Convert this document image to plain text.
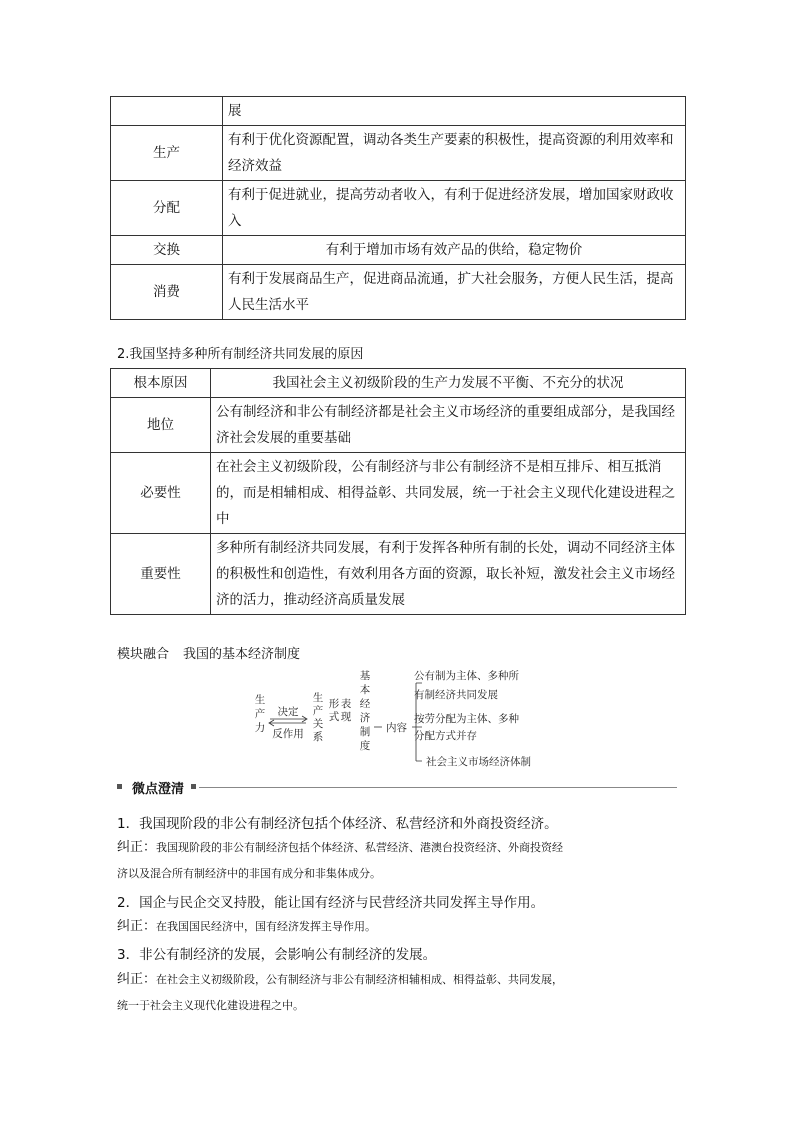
	展
生产	有利于优化资源配置，调动各类生产要素的积极性，提高资源的利用效率和经济效益
分配	有利于促进就业，提高劳动者收入，有利于促进经济发展，增加国家财政收入
交换	有利于增加市场有效产品的供给，稳定物价
消费	有利于发展商品生产，促进商品流通，扩大社会服务，方便人民生活，提高人民生活水平
2.我国坚持多种所有制经济共同发展的原因
根本原因	我国社会主义初级阶段的生产力发展不平衡、不充分的状况
地位	公有制经济和非公有制经济都是社会主义市场经济的重要组成部分，是我国经济社会发展的重要基础
必要性	在社会主义初级阶段，公有制经济与非公有制经济不是相互排斥、相互抵消的，而是相辅相成、相得益彰、共同发展，统一于社会主义现代化建设进程之中
重要性	多种所有制经济共同发展，有利于发挥各种所有制的长处，调动不同经济主体的积极性和创造性，有效利用各方面的资源，取长补短，激发社会主义市场经济的活力，推动经济高质量发展
模块融合 我国的基本经济制度
生产力
决定
反作用
生产关系
表现
形式
基本经济制度
内容
公有制为主体、多种所
有制经济共同发展
按劳分配为主体、多种
分配方式并存
社会主义市场经济体制
微点澄清
1．我国现阶段的非公有制经济包括个体经济、私营经济和外商投资经济。
纠正：我国现阶段的非公有制经济包括个体经济、私营经济、港澳台投资经济、外商投资经
济以及混合所有制经济中的非国有成分和非集体成分。
2．国企与民企交叉持股，能让国有经济与民营经济共同发挥主导作用。
纠正：在我国国民经济中，国有经济发挥主导作用。
3．非公有制经济的发展，会影响公有制经济的发展。
纠正：在社会主义初级阶段，公有制经济与非公有制经济相辅相成、相得益彰、共同发展，
统一于社会主义现代化建设进程之中。
